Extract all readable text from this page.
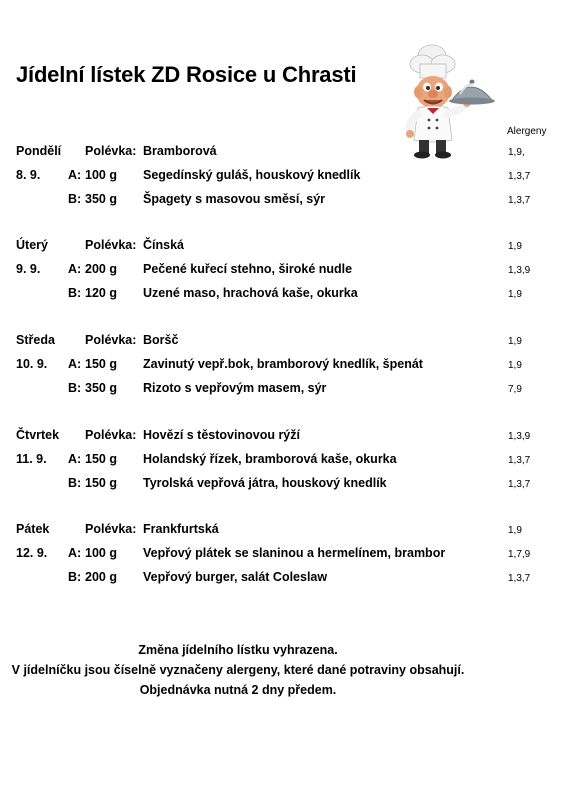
Jídelní lístek ZD Rosice u Chrasti
Alergeny
Pondělí Polévka: Bramborová	1,9,
8. 9. A: 100 g Segedínský guláš, houskový knedlík	1,3,7
B: 350 g Špagety s masovou směsí, sýr	1,3,7
Úterý	Polévka: Čínská	1,9
9. 9. A: 200 g Pečené kuřecí stehno, široké nudle	1,3,9
B: 120 g Uzené maso, hrachová kaše, okurka	1,9
Středa Polévka: Boršč	1,9
10. 9. A: 150 g Zavinutý vepř.bok, bramborový knedlík, špenát	1,9
B: 350 g Rizoto s vepřovým masem, sýr	7,9
Čtvrtek Polévka: Hovězí s těstovinovou rýží	1,3,9
11. 9. A: 150 g Holandský řízek, bramborová kaše, okurka	1,3,7
B: 150 g Tyrolská vepřová játra, houskový knedlík	1,3,7
Pátek	Polévka: Frankfurtská	1,9
12. 9. A: 100 g Vepřový plátek se slaninou a hermelínem, brambor	1,7,9
B: 200 g Vepřový burger, salát Coleslaw	1,3,7
Změna jídelního lístku vyhrazena.
V jídelníčku jsou číselně vyznačeny alergeny, které dané potraviny obsahují.
Objednávka nutná 2 dny předem.
